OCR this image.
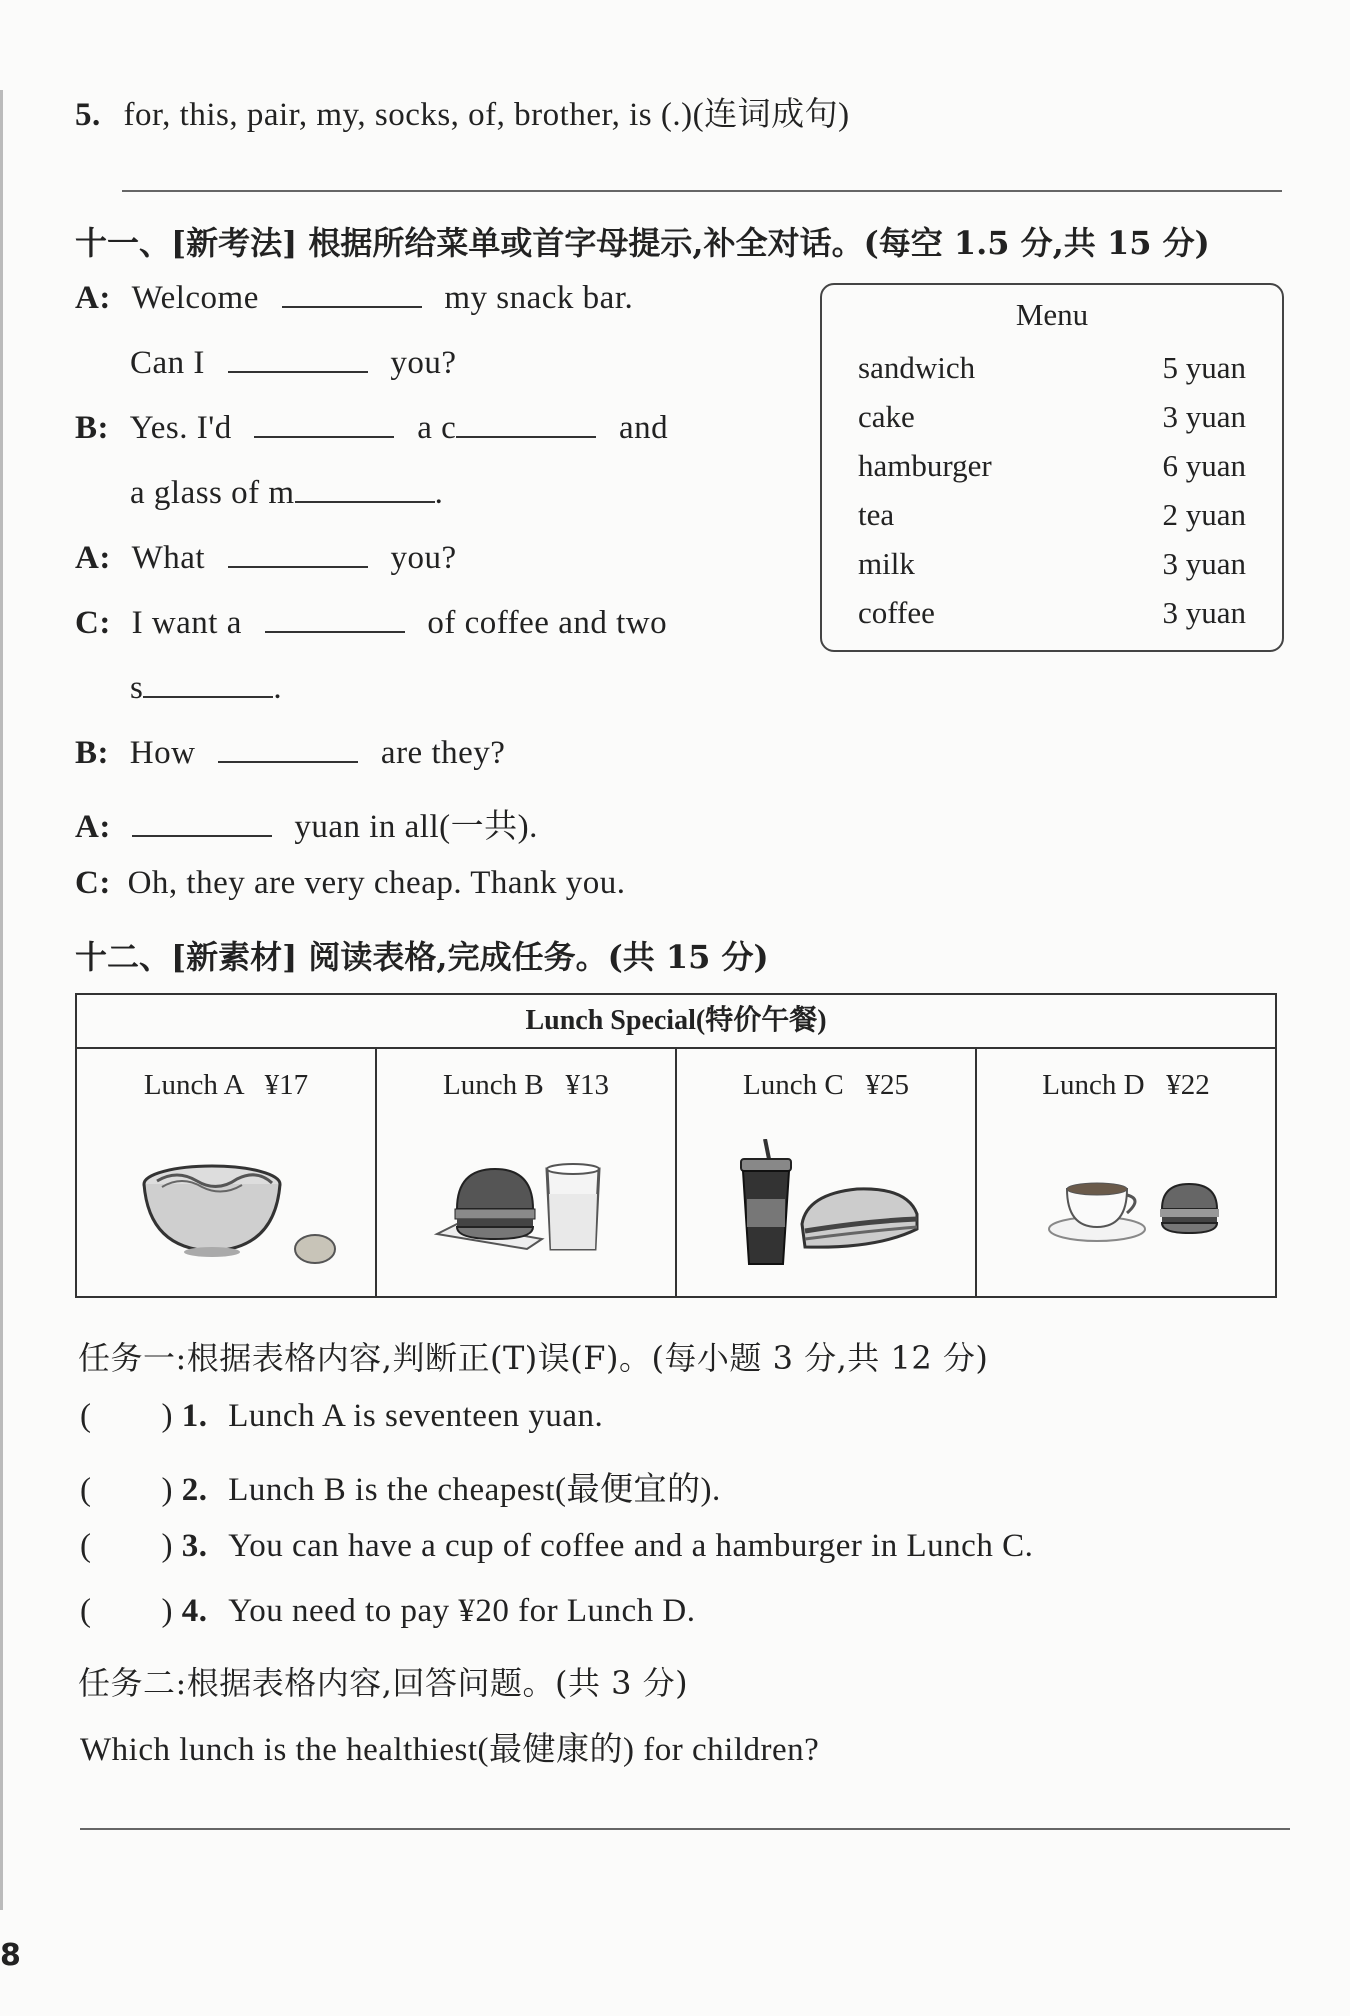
5. for, this, pair, my, socks, of, brother, is (.)(连词成句)
十一、[新考法] 根据所给菜单或首字母提示,补全对话。(每空 1.5 分,共 15 分)
A: Welcome	my snack bar.
Can I	you?
B: Yes. I'd	a c	and
a glass of m	.
A: What	you?
C: I want a	of coffee and two
s	.
B: How	are they?
A:	yuan in all(一共).
C: Oh, they are very cheap. Thank you.
Menu
sandwich	5 yuan
cake	3 yuan
hamburger	6 yuan
tea	2 yuan
milk	3 yuan
coffee	3 yuan
十二、[新素材] 阅读表格,完成任务。(共 15 分)
Lunch Special(特价午餐)
Lunch A   ¥17	Lunch B   ¥13	Lunch C   ¥25	Lunch D   ¥22
任务一:根据表格内容,判断正(T)误(F)。(每小题 3 分,共 12 分)
(        ) 1. Lunch A is seventeen yuan.
(        ) 2. Lunch B is the cheapest(最便宜的).
(        ) 3. You can have a cup of coffee and a hamburger in Lunch C.
(        ) 4. You need to pay ¥20 for Lunch D.
任务二:根据表格内容,回答问题。(共 3 分)
Which lunch is the healthiest(最健康的) for children?
8
